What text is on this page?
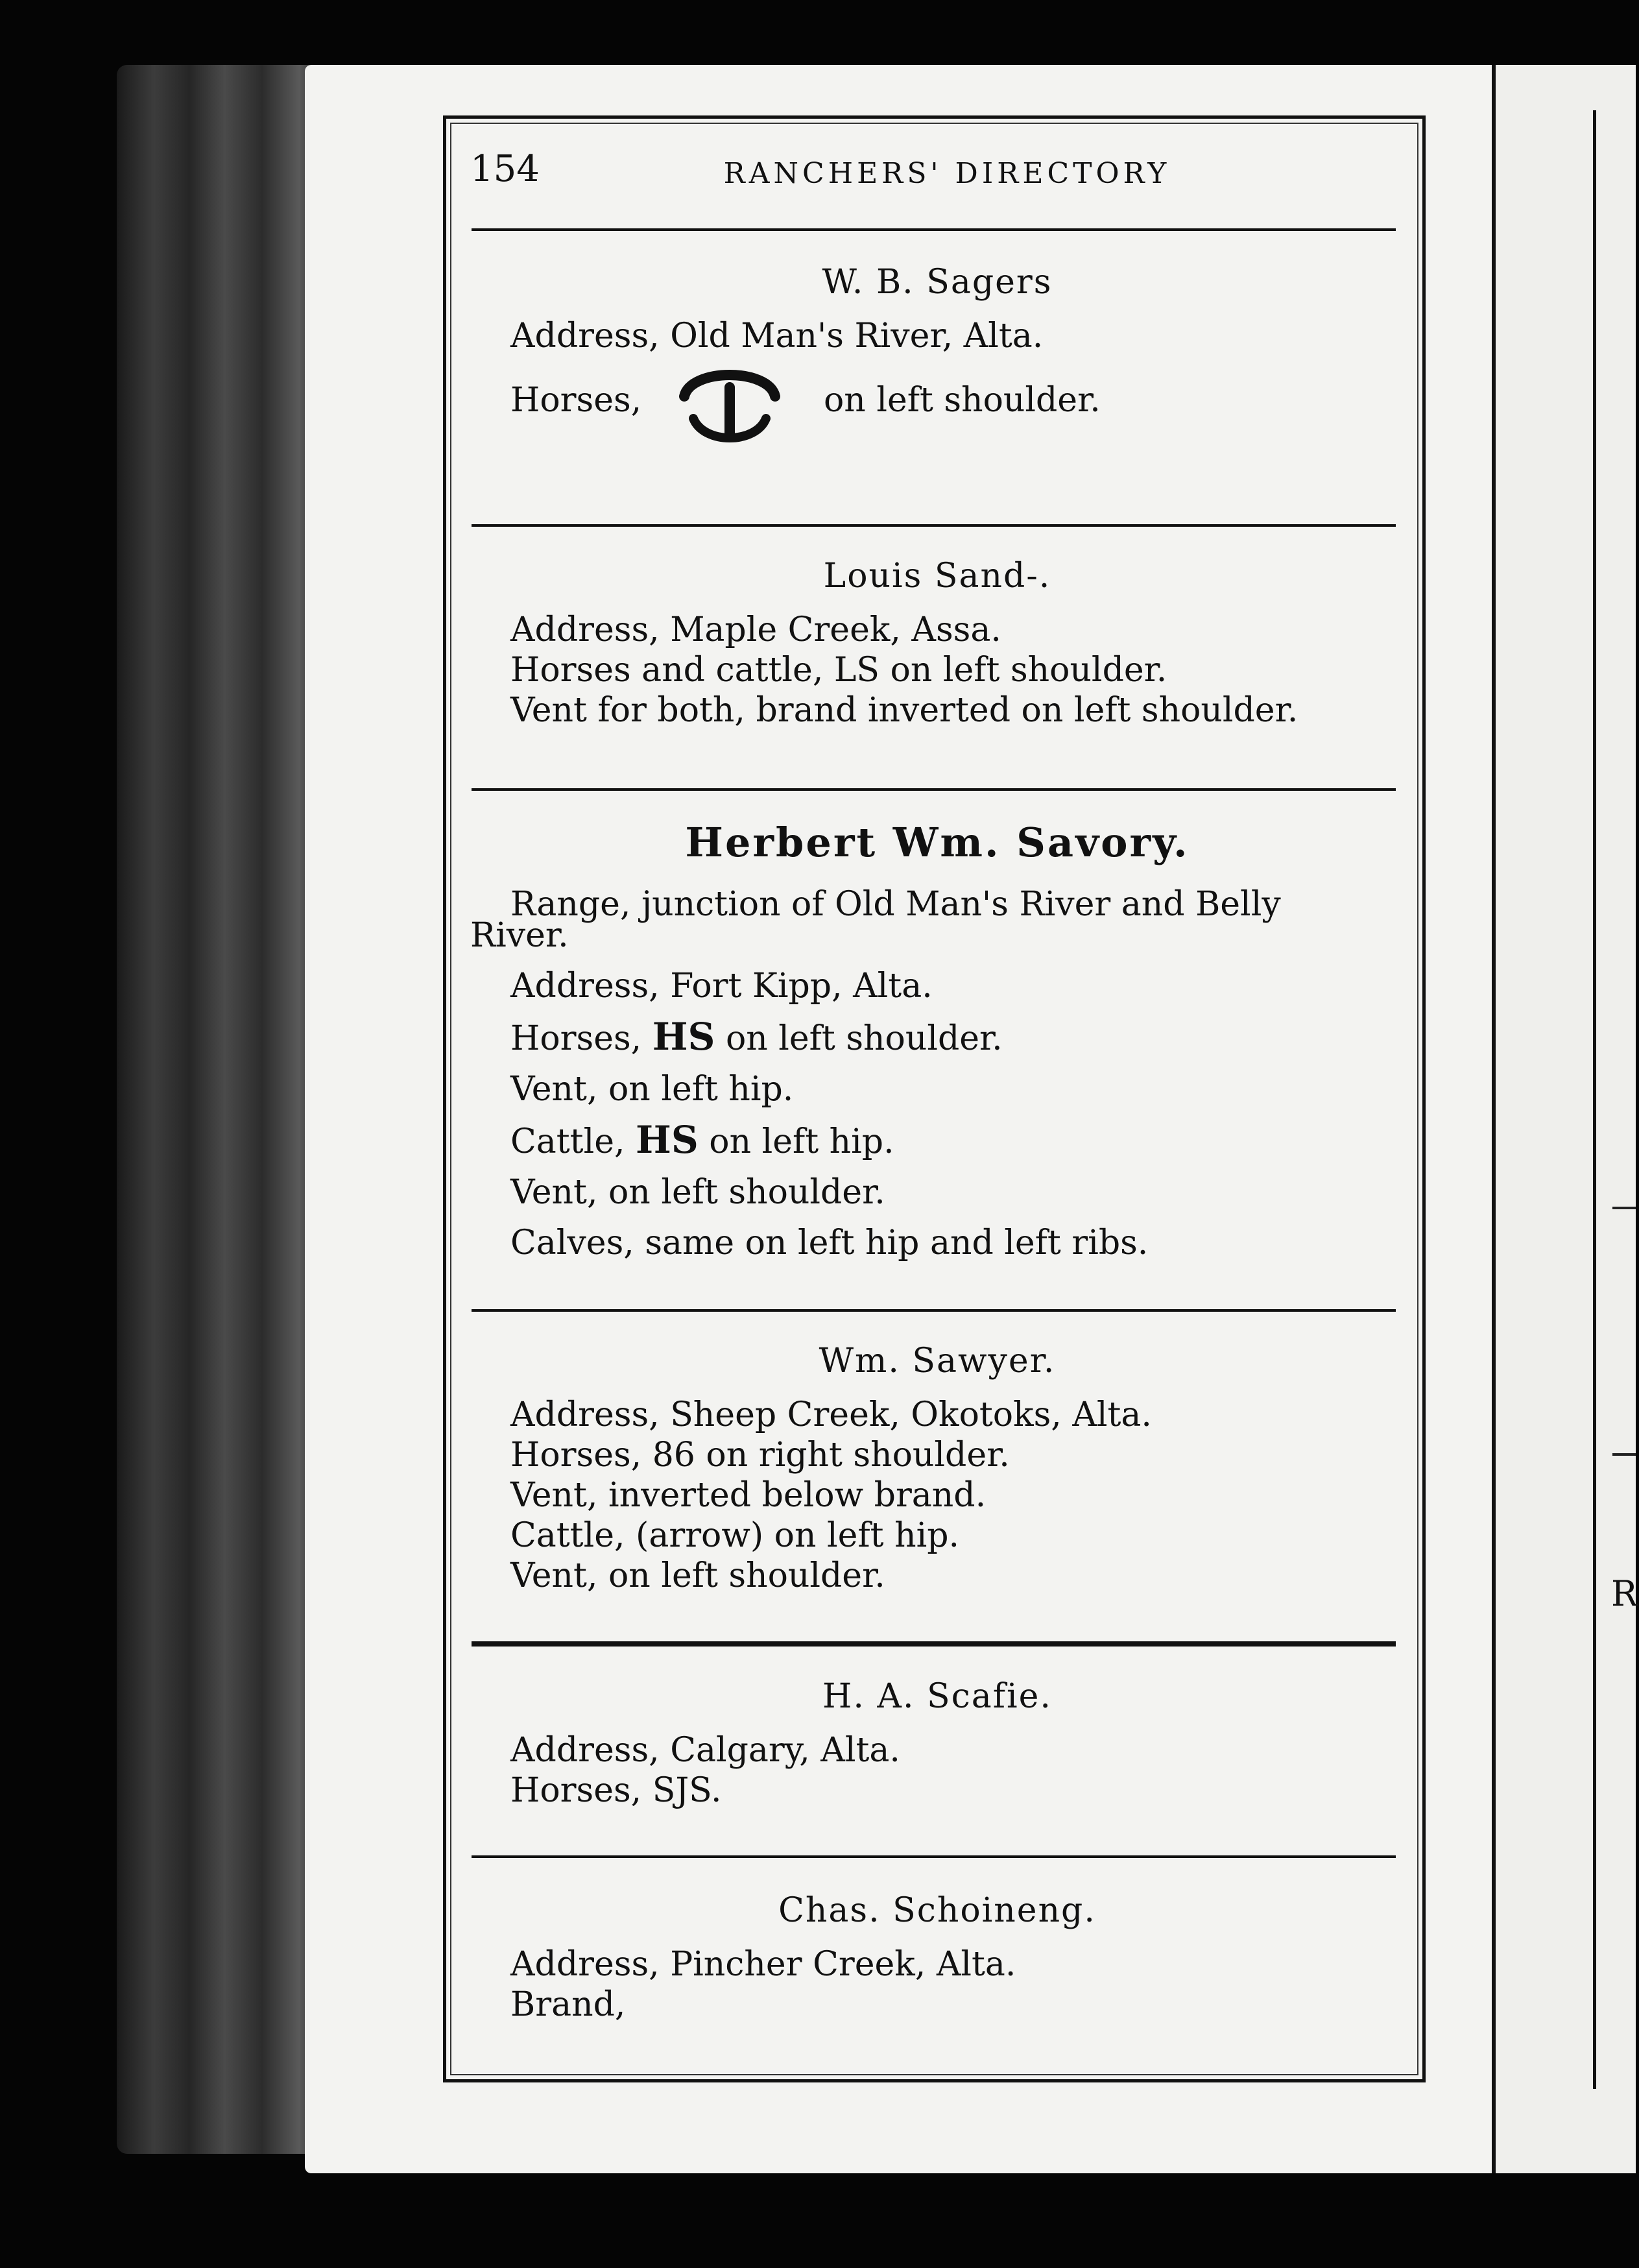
R
154	RANCHERS' DIRECTORY
W. B. Sagers
Address, Old Man's River, Alta.
Horses,	on left shoulder.
Louis Sand-.
Address, Maple Creek, Assa.
Horses and cattle, LS on left shoulder.
Vent for both, brand inverted on left shoulder.
Herbert Wm. Savory.
Range, junction of Old Man's River and Belly
River.
Address, Fort Kipp, Alta.
Horses, HS on left shoulder.
Vent, on left hip.
Cattle, HS on left hip.
Vent, on left shoulder.
Calves, same on left hip and left ribs.
Wm. Sawyer.
Address, Sheep Creek, Okotoks, Alta.
Horses, 86 on right shoulder.
Vent, inverted below brand.
Cattle, (arrow) on left hip.
Vent, on left shoulder.
H. A. Scafie.
Address, Calgary, Alta.
Horses, SJS.
Chas. Schoineng.
Address, Pincher Creek, Alta.
Brand,
